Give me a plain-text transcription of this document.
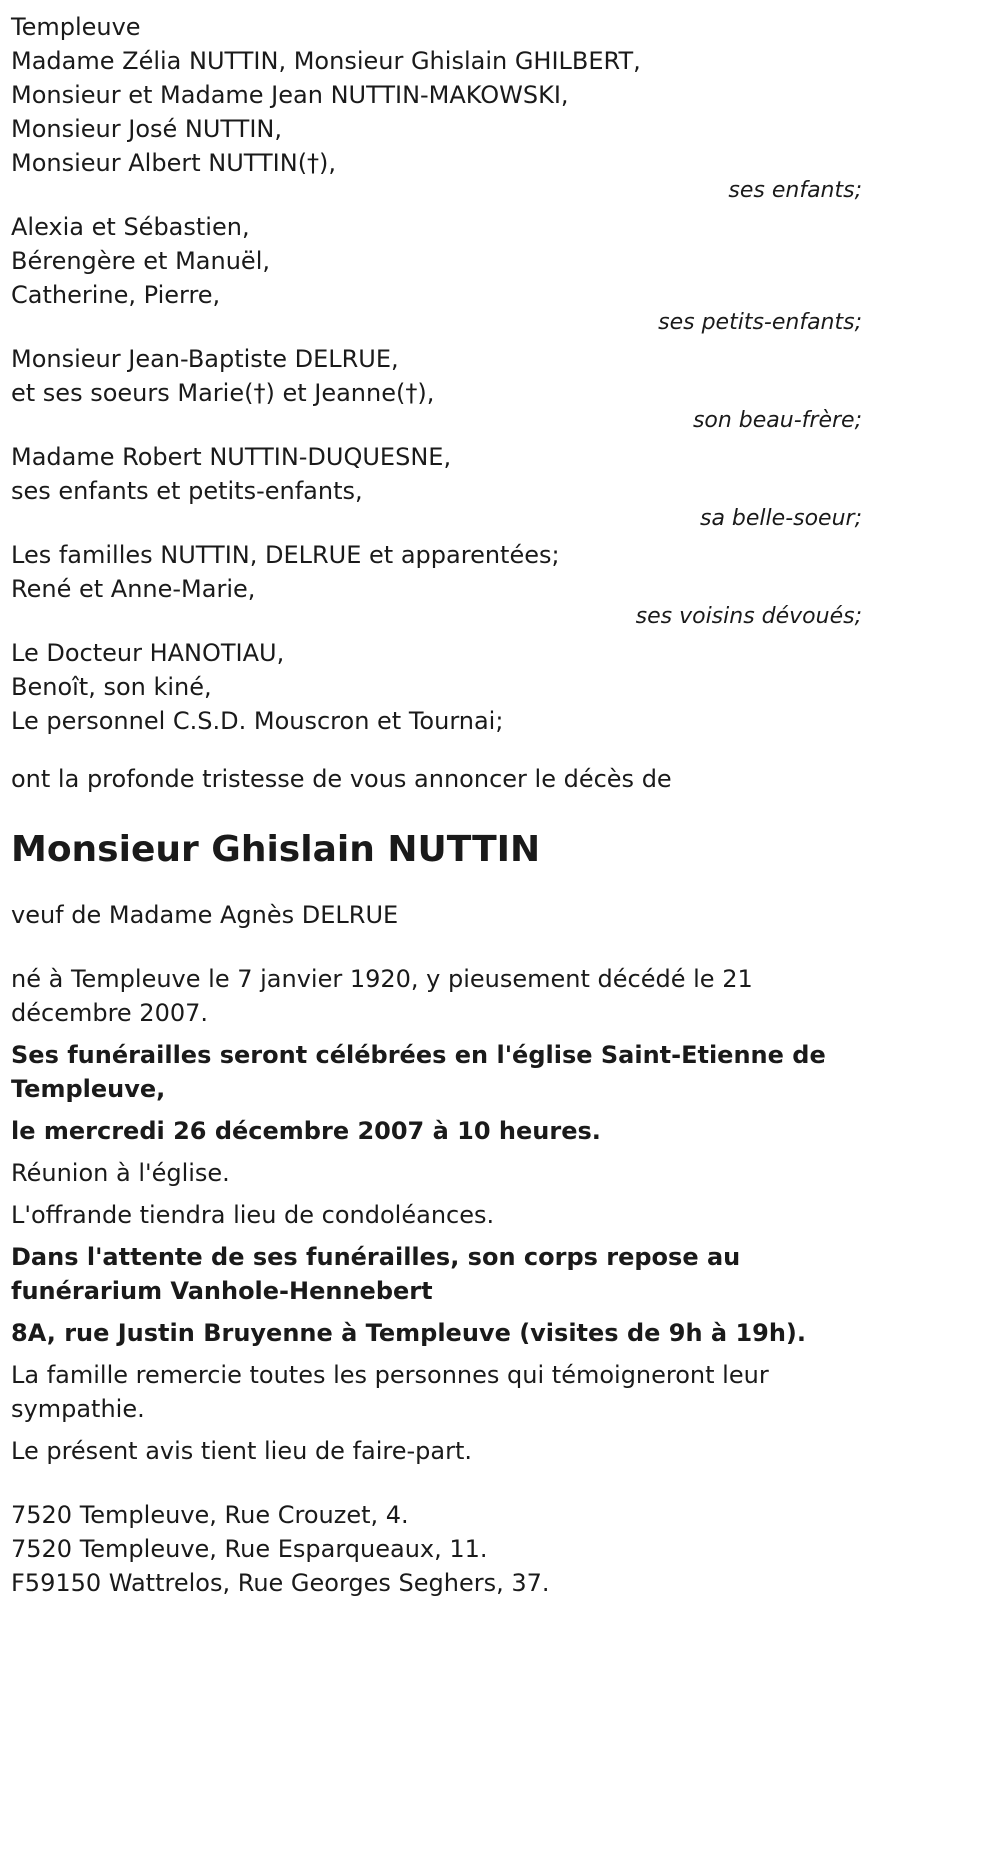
Templeuve
Madame Zélia NUTTIN, Monsieur Ghislain GHILBERT,
Monsieur et Madame Jean NUTTIN-MAKOWSKI,
Monsieur José NUTTIN,
Monsieur Albert NUTTIN(†),
ses enfants;
Alexia et Sébastien,
Bérengère et Manuël,
Catherine, Pierre,
ses petits-enfants;
Monsieur Jean-Baptiste DELRUE,
et ses soeurs Marie(†) et Jeanne(†),
son beau-frère;
Madame Robert NUTTIN-DUQUESNE,
ses enfants et petits-enfants,
sa belle-soeur;
Les familles NUTTIN, DELRUE et apparentées;
René et Anne-Marie,
ses voisins dévoués;
Le Docteur HANOTIAU,
Benoît, son kiné,
Le personnel C.S.D. Mouscron et Tournai;
ont la profonde tristesse de vous annoncer le décès de
Monsieur Ghislain NUTTIN
veuf de Madame Agnès DELRUE
né à Templeuve le 7 janvier 1920, y pieusement décédé le 21 décembre 2007.
Ses funérailles seront célébrées en l'église Saint-Etienne de Templeuve,
le mercredi 26 décembre 2007 à 10 heures.
Réunion à l'église.
L'offrande tiendra lieu de condoléances.
Dans l'attente de ses funérailles, son corps repose au funérarium Vanhole-Hennebert
8A, rue Justin Bruyenne à Templeuve (visites de 9h à 19h).
La famille remercie toutes les personnes qui témoigneront leur sympathie.
Le présent avis tient lieu de faire-part.
7520 Templeuve, Rue Crouzet, 4.
7520 Templeuve, Rue Esparqueaux, 11.
F59150 Wattrelos, Rue Georges Seghers, 37.
